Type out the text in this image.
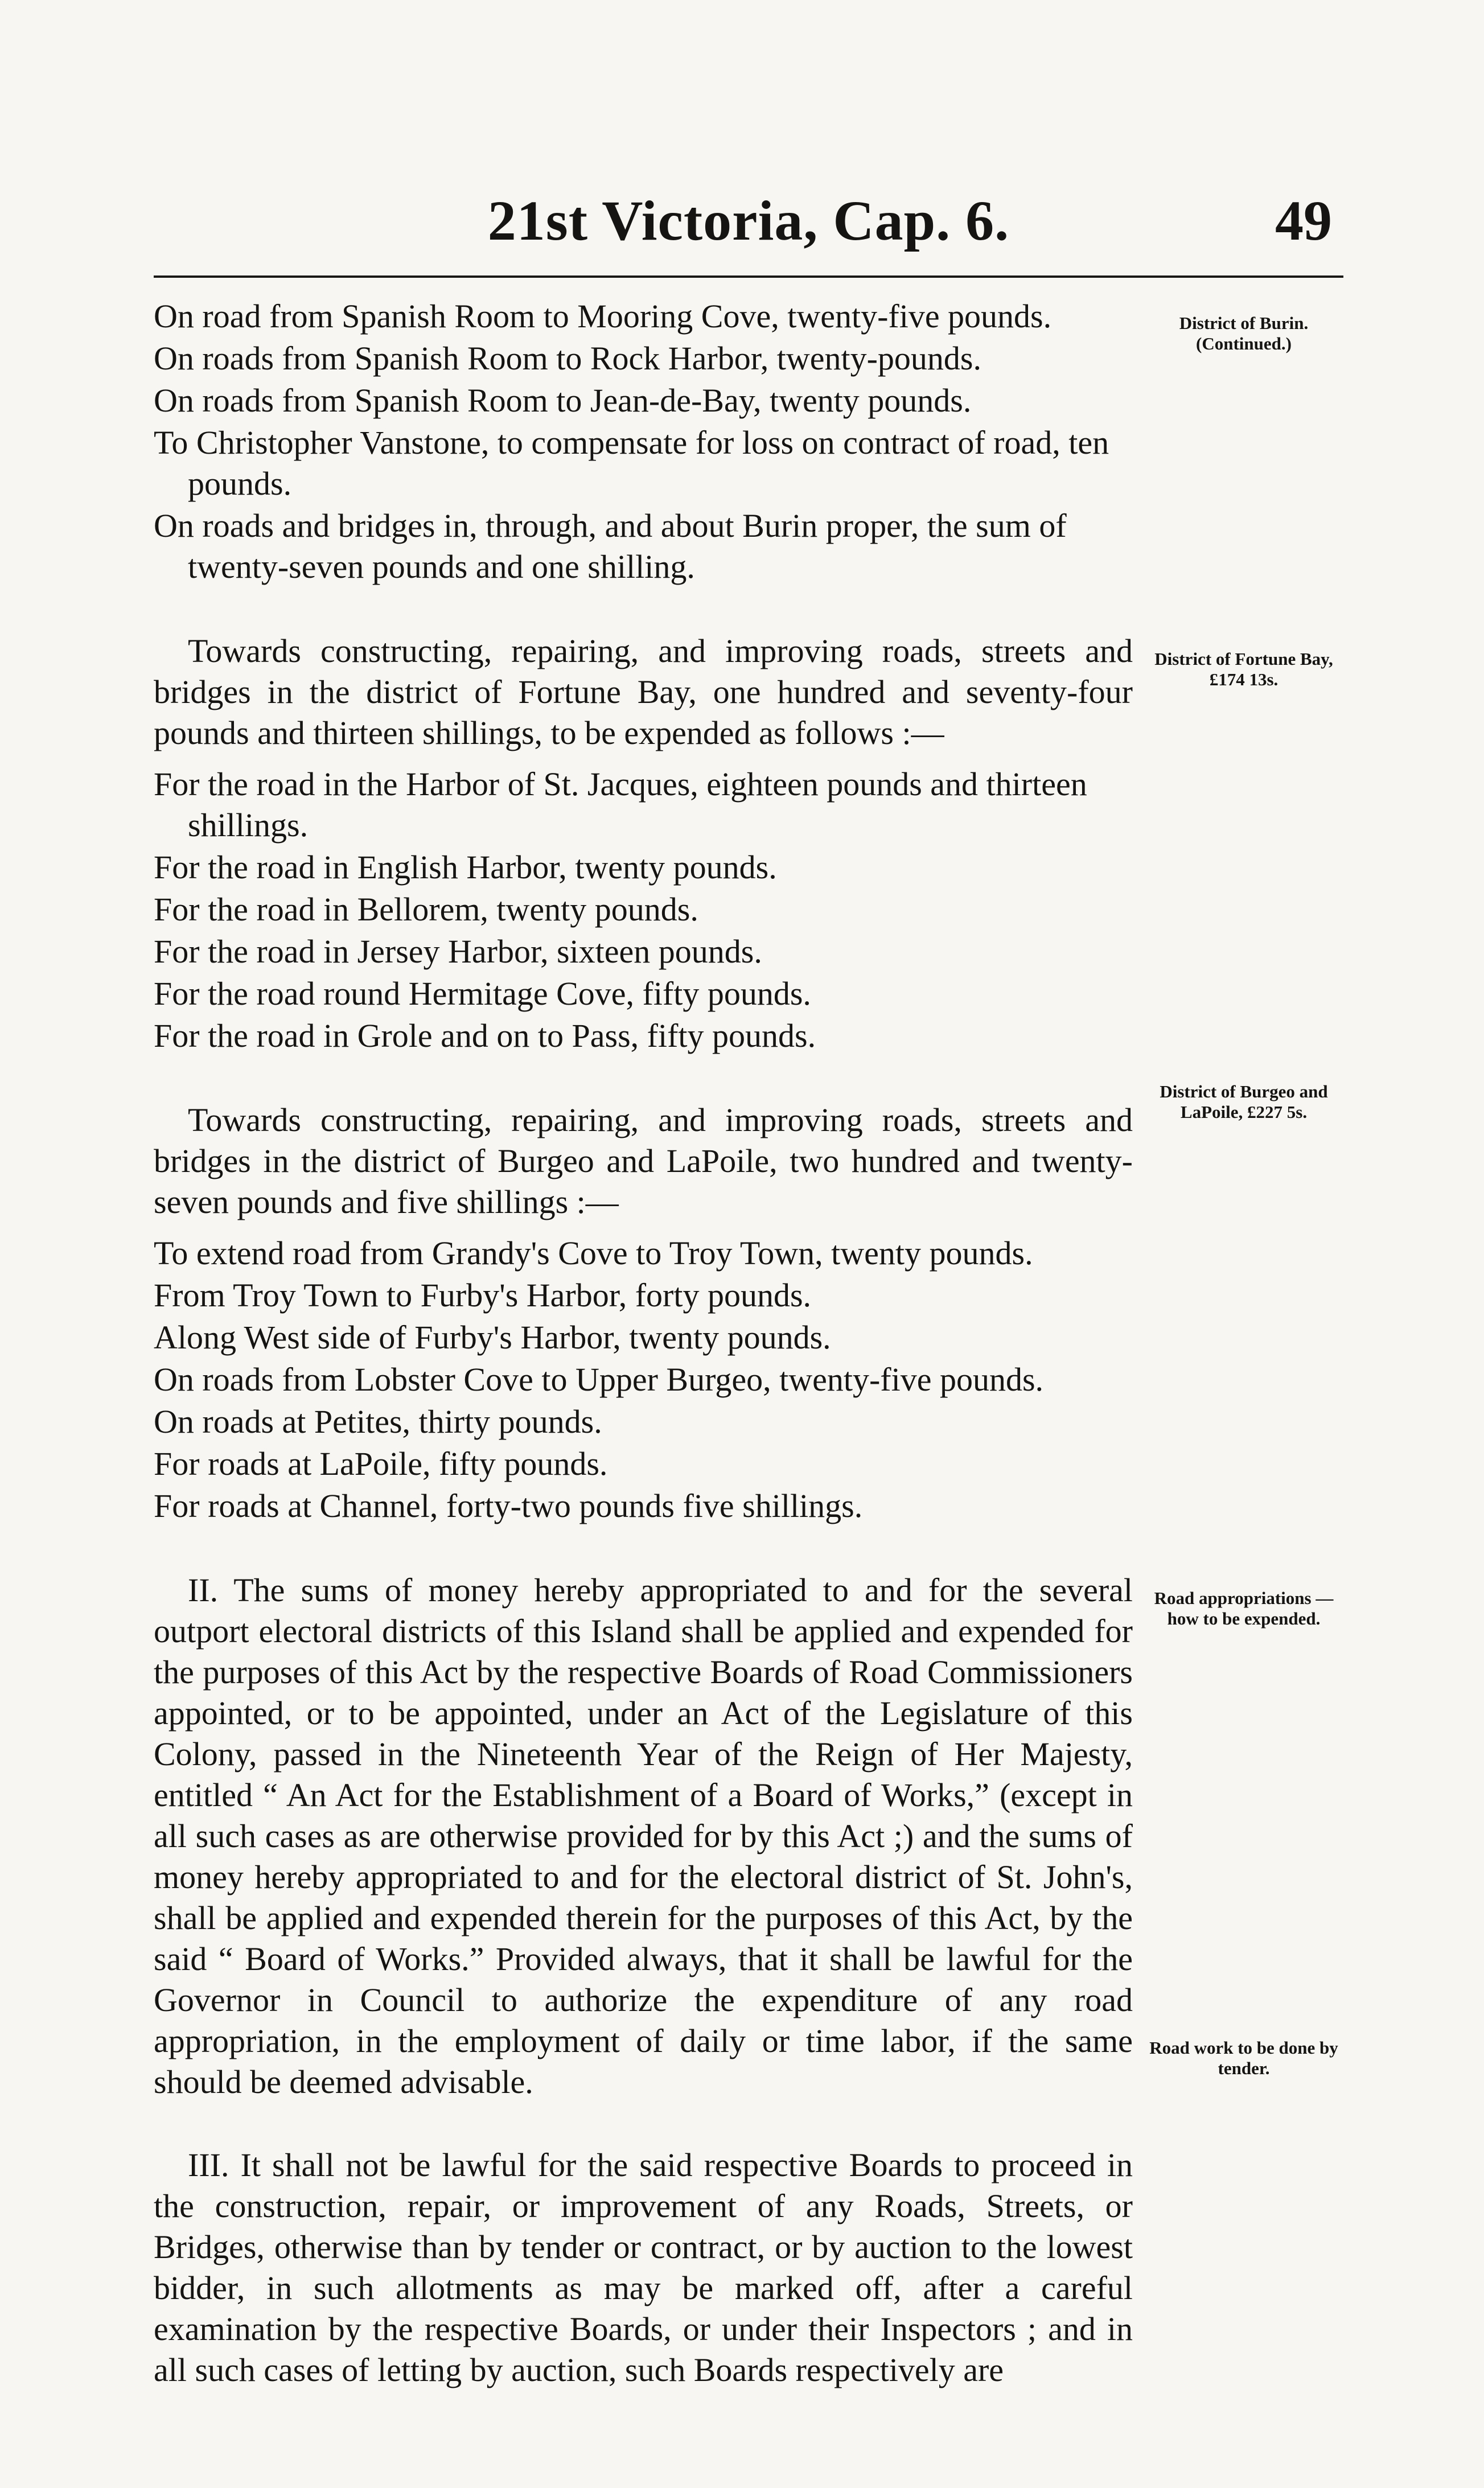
21st Victoria, Cap. 6.	49

On road from Spanish Room to Mooring Cove, twenty-five pounds.

On roads from Spanish Room to Rock Harbor, twenty-pounds.

On roads from Spanish Room to Jean-de-Bay, twenty pounds.

To Christopher Vanstone, to compensate for loss on contract of road, ten pounds.

On roads and bridges in, through, and about Burin proper, the sum of twenty-seven pounds and one shilling.

Towards constructing, repairing, and improving roads, streets and bridges in the district of Fortune Bay, one hundred and seventy-four pounds and thirteen shillings, to be expended as follows :—

For the road in the Harbor of St. Jacques, eighteen pounds and thirteen shillings.

For the road in English Harbor, twenty pounds.

For the road in Bellorem, twenty pounds.

For the road in Jersey Harbor, sixteen pounds.

For the road round Hermitage Cove, fifty pounds.

For the road in Grole and on to Pass, fifty pounds.

Towards constructing, repairing, and improving roads, streets and bridges in the district of Burgeo and LaPoile, two hundred and twenty-seven pounds and five shillings :—

To extend road from Grandy's Cove to Troy Town, twenty pounds.

From Troy Town to Furby's Harbor, forty pounds.

Along West side of Furby's Harbor, twenty pounds.

On roads from Lobster Cove to Upper Burgeo, twenty-five pounds.

On roads at Petites, thirty pounds.

For roads at LaPoile, fifty pounds.

For roads at Channel, forty-two pounds five shillings.

II. The sums of money hereby appropriated to and for the several outport electoral districts of this Island shall be applied and expended for the purposes of this Act by the respective Boards of Road Commissioners appointed, or to be appointed, under an Act of the Legislature of this Colony, passed in the Nineteenth Year of the Reign of Her Majesty, entitled “ An Act for the Establishment of a Board of Works,” (except in all such cases as are otherwise provided for by this Act ;) and the sums of money hereby appropriated to and for the electoral district of St. John's, shall be applied and expended therein for the purposes of this Act, by the said “ Board of Works.” Provided always, that it shall be lawful for the Governor in Council to authorize the expenditure of any road appropriation, in the employment of daily or time labor, if the same should be deemed advisable.

III. It shall not be lawful for the said respective Boards to proceed in the construction, repair, or improvement of any Roads, Streets, or Bridges, otherwise than by tender or contract, or by auction to the lowest bidder, in such allotments as may be marked off, after a careful examination by the respective Boards, or under their Inspectors ; and in all such cases of letting by auction, such Boards respectively are

District of Burin. (Continued.)
District of Fortune Bay, £174 13s.
District of Burgeo and LaPoile, £227 5s.
Road appropriations —how to be expended.
Road work to be done by tender.
